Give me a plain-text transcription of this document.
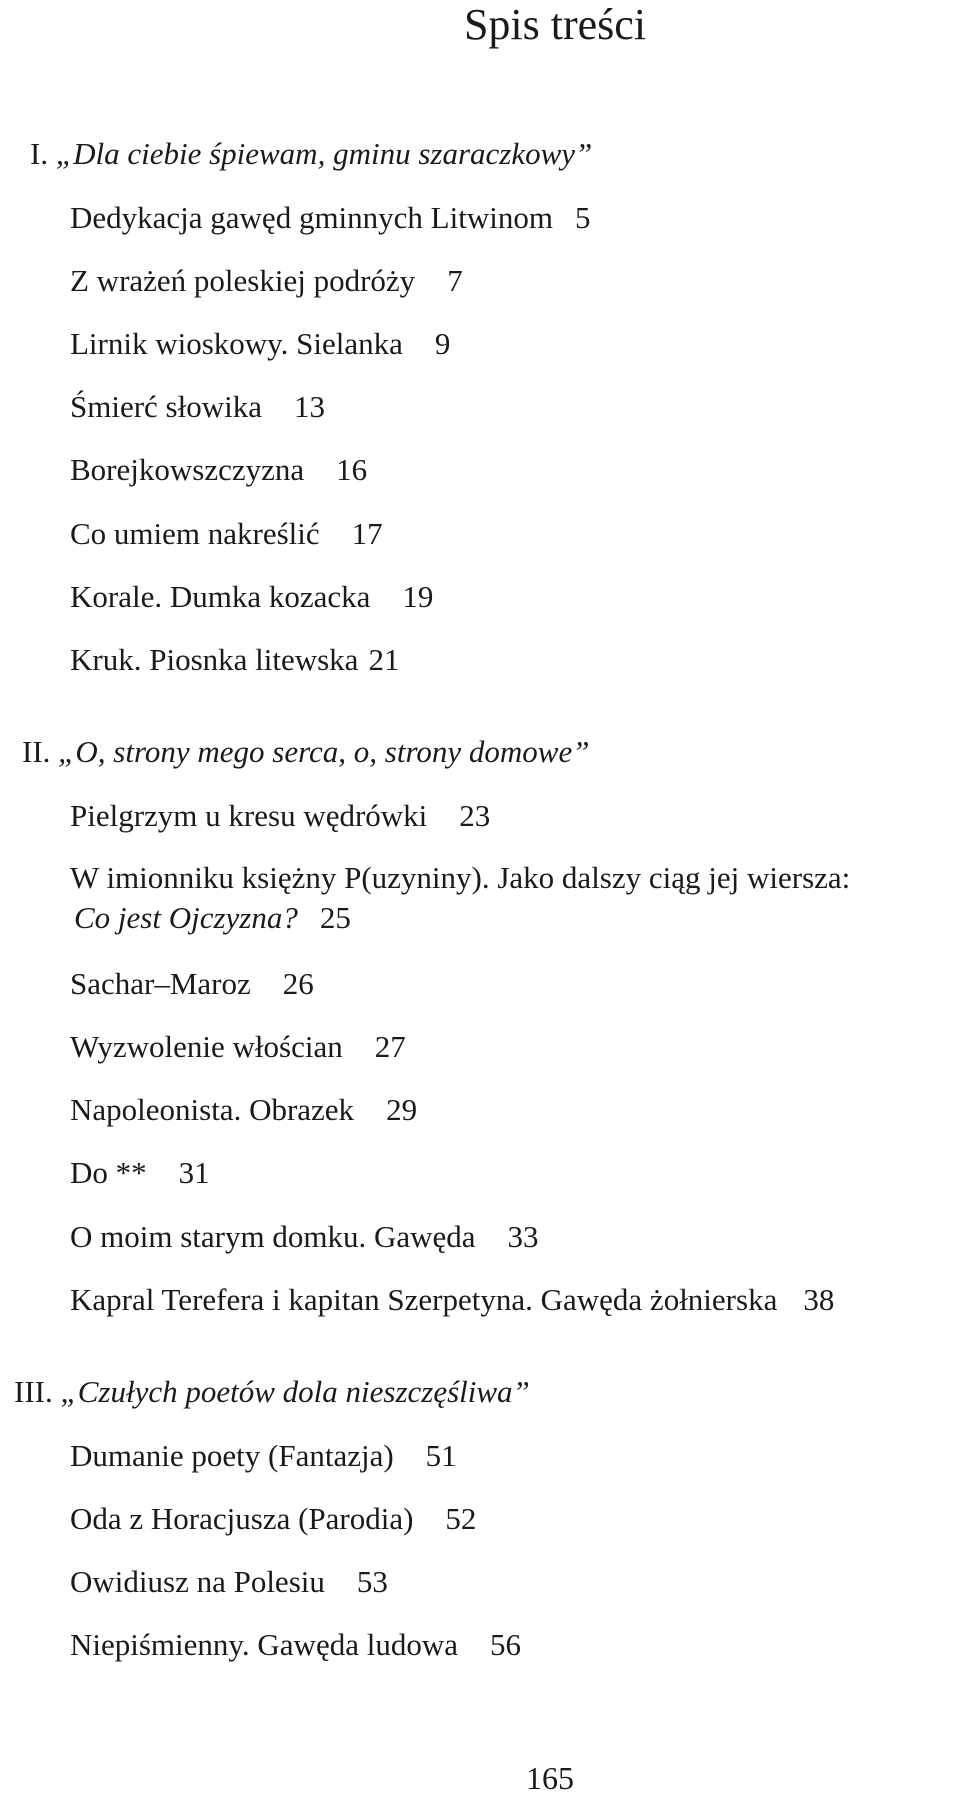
Spis treści
I. „Dla ciebie śpiewam, gminu szaraczkowy”
Dedykacja gawęd gminnych Litwinom 5
Z wrażeń poleskiej podróży 7
Lirnik wioskowy. Sielanka 9
Śmierć słowika 13
Borejkowszczyzna 16
Co umiem nakreślić 17
Korale. Dumka kozacka 19
Kruk. Piosnka litewska 21
II. „O, strony mego serca, o, strony domowe”
Pielgrzym u kresu wędrówki 23
W imionniku księżny P(uzyniny). Jako dalszy ciąg jej wiersza:
Co jest Ojczyzna? 25
Sachar–Maroz 26
Wyzwolenie włościan 27
Napoleonista. Obrazek 29
Do ** 31
O moim starym domku. Gawęda 33
Kapral Terefera i kapitan Szerpetyna. Gawęda żołnierska 38
III. „Czułych poetów dola nieszczęśliwa”
Dumanie poety (Fantazja) 51
Oda z Horacjusza (Parodia) 52
Owidiusz na Polesiu 53
Niepiśmienny. Gawęda ludowa 56
165
